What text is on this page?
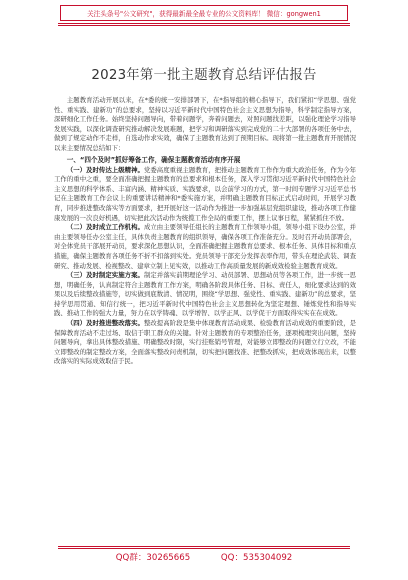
关注头条号"公文研究"，获得最新最全最专业的公文资料库！ 微信：gongwen1
2023年第一批主题教育总结评估报告

主题教育活动开展以来，在*委的统一安排部署下，在*指导组的精心指导下，我们紧扣“学思想、强党性、重实践、建新功”的总要求，坚持以习近平新时代中国特色社会主义思想为指导，科学制定指导方案，深研细化工作任务。始终坚持问题导向，带着问题学，奔着问题去，对照问题找差距，以强化理论学习指导发展实践，以深化调查研究推动解决发展难题，把学习和调研落实到完成党的二十大部署的各项任务中去，做到了规定动作不走样，自选动作求实效，确保了主题教育达到了预期目标。现将第一批主题教育开展情况以来主要情况总结如下：

一、“四个及时”抓好筹备工作，确保主题教育活动有序开展

（一）及时传达上级精神。党委高度重视主题教育，把推动主题教育工作作为重大政治任务，作为今年工作的重中之重，要全面准确把握主题教育的总要求和根本任务，深入学习贯彻习近平新时代中国特色社会主义思想的科学体系、丰富内涵、精神实质、实践要求，以会前学习的方式，第一时间专题学习习近平总书记在主题教育工作会议上的重要讲话精神和*委实施方案，并明确主题教育目标正式启动时间，开展学习教育，同步推进整改落实等方面要求，把开展好这一活动作为推进一步加强基层党组织建设，推动各项工作健康发展的一次良好机遇，切实把此次活动作为统揽工作全局的重要工作，摆上议事日程，紧紧抓住不放。

（二）及时成立工作机构。成立由主要领导任组长的主题教育工作领导小组，领导小组下设办公室，并由主要领导任办公室主任，具体负责主题教育的组织领导，确保各项工作准备充分。及时召开动员部署会，对全体党员干部展开动员，要求深化思想认识，全面准确把握主题教育总要求、根本任务、具体目标和重点措施，确保主题教育各项任务不折不扣落到实处。党员领导干部充分发挥表率作用，带头在理论武装、调查研究、推动发展、检视整改、建章立制上见实效，以推动工作高质量发展的新成效检验主题教育成效。

（三）及时制定实施方案。制定并落实前期理论学习、动员部署、思想动员等各项工作，进一步统一思想，明确任务，认真制定符合主题教育工作方案，明确各阶段具体任务、目标、责任人，细化要求达到的效果以及后续整改措施等，切实做到底数清、情况明，围绕“学思想、强党性、重实践、建新功”的总要求，坚持学思用贯通、知信行统一，把习近平新时代中国特色社会主义思想转化为坚定理想、锤炼党性和指导实践、推动工作的强大力量，努力在以学铸魂、以学增智、以学正风、以学促干方面取得实实在在成效。

（四）及时推进整改落实。整改提高阶段是集中体现教育活动成果、检验教育活动成效的重要阶段，是保障教育活动不走过场、取信于职工群众的关键。针对主题教育的专项整治任务，逐项梳理突出问题，坚持问题导向，拿出具体整改措施、明确整改时限，实行挂账销号管理，对能够立即整改的问题立行立改，不能立即整改的制定整改方案，全面落实整改问责机制，切实把问题找准、把整改抓实，把成效体现出来，以整改落实的实际成效取信于民。

QQ群：30265665	QQ：535304092
